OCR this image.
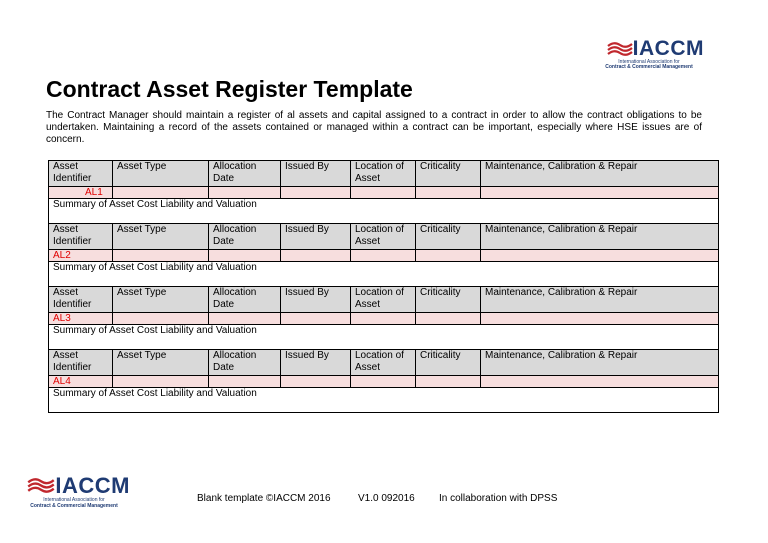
IACCM
International Association for
Contract & Commercial Management
Contract Asset Register Template

The Contract Manager should maintain a register of al assets and capital assigned to a contract in order to allow the contract obligations to be undertaken. Maintaining a record of the assets contained or managed within a contract can be important, especially where HSE issues are of concern.

Asset Identifier	Asset Type	Allocation Date	Issued By	Location of Asset	Criticality	Maintenance, Calibration & Repair
AL1						
Summary of Asset Cost Liability and Valuation						
Asset Identifier	Asset Type	Allocation Date	Issued By	Location of Asset	Criticality	Maintenance, Calibration & Repair
AL2						
Summary of Asset Cost Liability and Valuation						
Asset Identifier	Asset Type	Allocation Date	Issued By	Location of Asset	Criticality	Maintenance, Calibration & Repair
AL3						
Summary of Asset Cost Liability and Valuation						
Asset Identifier	Asset Type	Allocation Date	Issued By	Location of Asset	Criticality	Maintenance, Calibration & Repair
AL4						
Summary of Asset Cost Liability and Valuation						
IACCM
International Association for
Contract & Commercial Management
Blank template ©IACCM 2016	V1.0 092016 In collaboration with DPSS
